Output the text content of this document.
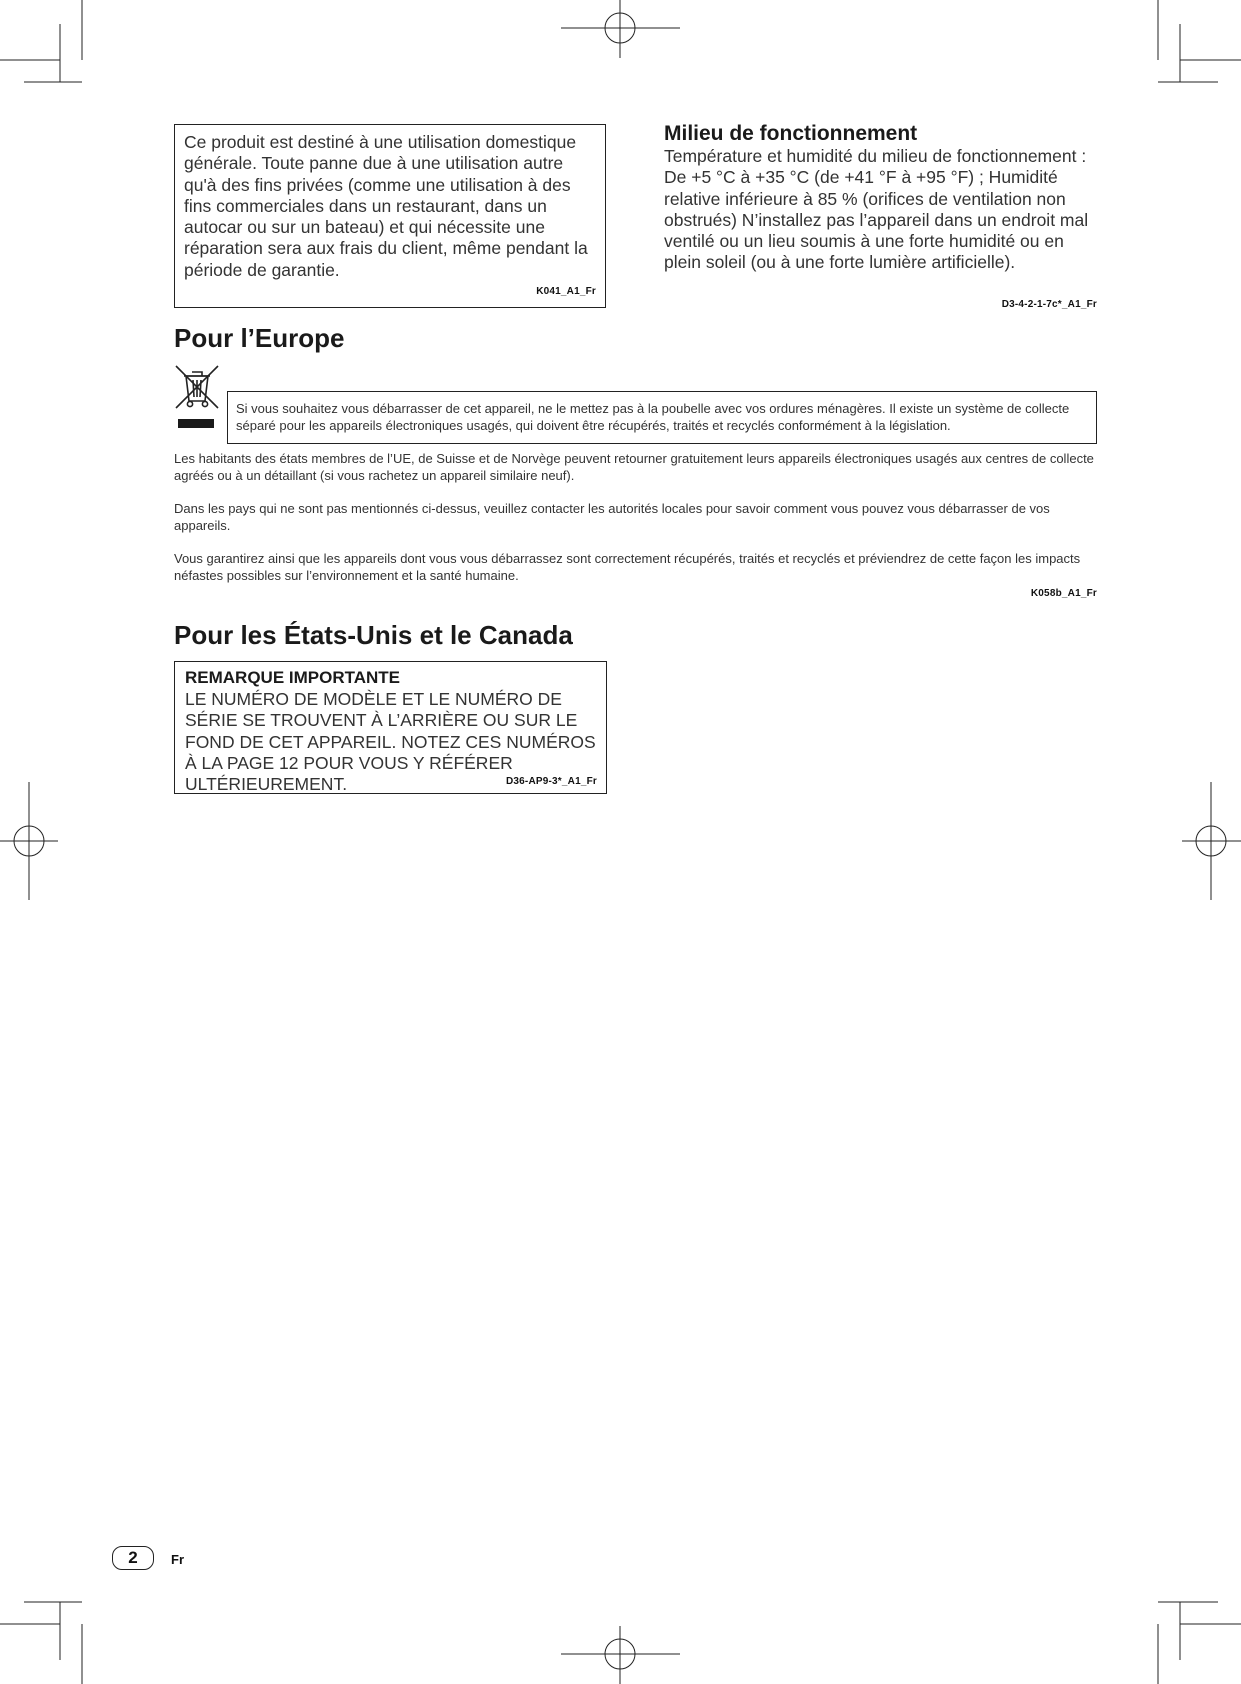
Ce produit est destiné à une utilisation domestique générale. Toute panne due à une utilisation autre qu'à des fins privées (comme une utilisation à des fins commerciales dans un restaurant, dans un autocar ou sur un bateau) et qui nécessite une réparation sera aux frais du client, même pendant la période de garantie.

K041_A1_Fr
Milieu de fonctionnement

Température et humidité du milieu de fonctionnement : De +5 °C à +35 °C (de +41 °F à +95 °F) ; Humidité relative inférieure à 85 % (orifices de ventilation non obstrués) N’installez pas l’appareil dans un endroit mal ventilé ou un lieu soumis à une forte humidité ou en plein soleil (ou à une forte lumière artificielle).

D3-4-2-1-7c*_A1_Fr
Pour l’Europe

Si vous souhaitez vous débarrasser de cet appareil, ne le mettez pas à la poubelle avec vos ordures ménagères. Il existe un système de collecte séparé pour les appareils électroniques usagés, qui doivent être récupérés, traités et recyclés conformément à la législation.

Les habitants des états membres de l’UE, de Suisse et de Norvège peuvent retourner gratuitement leurs appareils électroniques usagés aux centres de collecte agréés ou à un détaillant (si vous rachetez un appareil similaire neuf).

Dans les pays qui ne sont pas mentionnés ci-dessus, veuillez contacter les autorités locales pour savoir comment vous pouvez vous débarrasser de vos appareils.

Vous garantirez ainsi que les appareils dont vous vous débarrassez sont correctement récupérés, traités et recyclés et préviendrez de cette façon les impacts néfastes possibles sur l’environnement et la santé humaine.

K058b_A1_Fr
Pour les États-Unis et le Canada

REMARQUE IMPORTANTE

LE NUMÉRO DE MODÈLE ET LE NUMÉRO DE SÉRIE SE TROUVENT À L’ARRIÈRE OU SUR LE FOND DE CET APPAREIL. NOTEZ CES NUMÉROS À LA PAGE 12 POUR VOUS Y RÉFÉRER ULTÉRIEUREMENT.	D36-AP9-3*_A1_Fr
2	Fr
